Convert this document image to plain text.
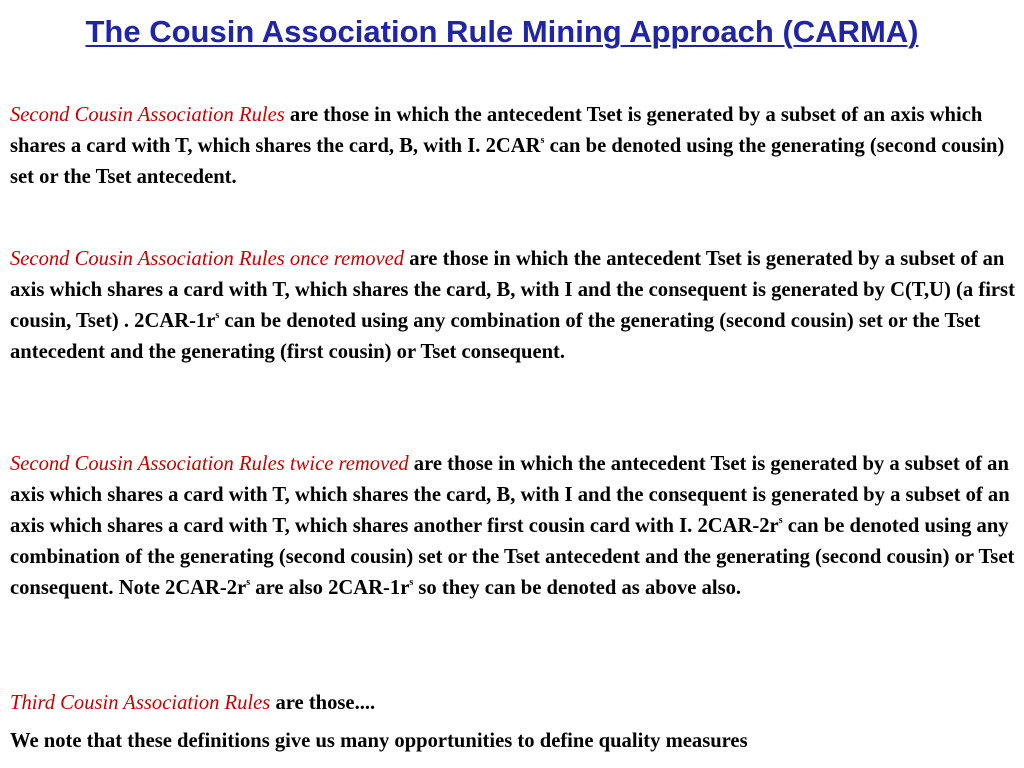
The Cousin Association Rule Mining Approach (CARMA)

Second Cousin Association Rules are those in which the antecedent Tset is generated by a subset of an axis which shares a card with T, which shares the card, B, with I. 2CAR$^s$ can be denoted using the generating (second cousin) set or the Tset antecedent.

Second Cousin Association Rules once removed are those in which the antecedent Tset is generated by a subset of an axis which shares a card with T, which shares the card, B, with I and the consequent is generated by C(T,U) (a first cousin, Tset) . $2CAR-1r^s$ can be denoted using any combination of the generating (second cousin) set or the Tset antecedent and the generating (first cousin) or Tset consequent.

Second Cousin Association Rules twice removed are those in which the antecedent Tset is generated by a subset of an axis which shares a card with T, which shares the card, B, with I and the consequent is generated by a subset of an axis which shares a card with T, which shares another first cousin card with I. $2CAR-2r^s$ can be denoted using any combination of the generating (second cousin) set or the Tset antecedent and the generating (second cousin) or Tset consequent. Note $2CAR-2r^s$ are also $2CAR-1r^s$ so they can be denoted as above also.

Third Cousin Association Rules are those....

We note that these definitions give us many opportunities to define quality measures
